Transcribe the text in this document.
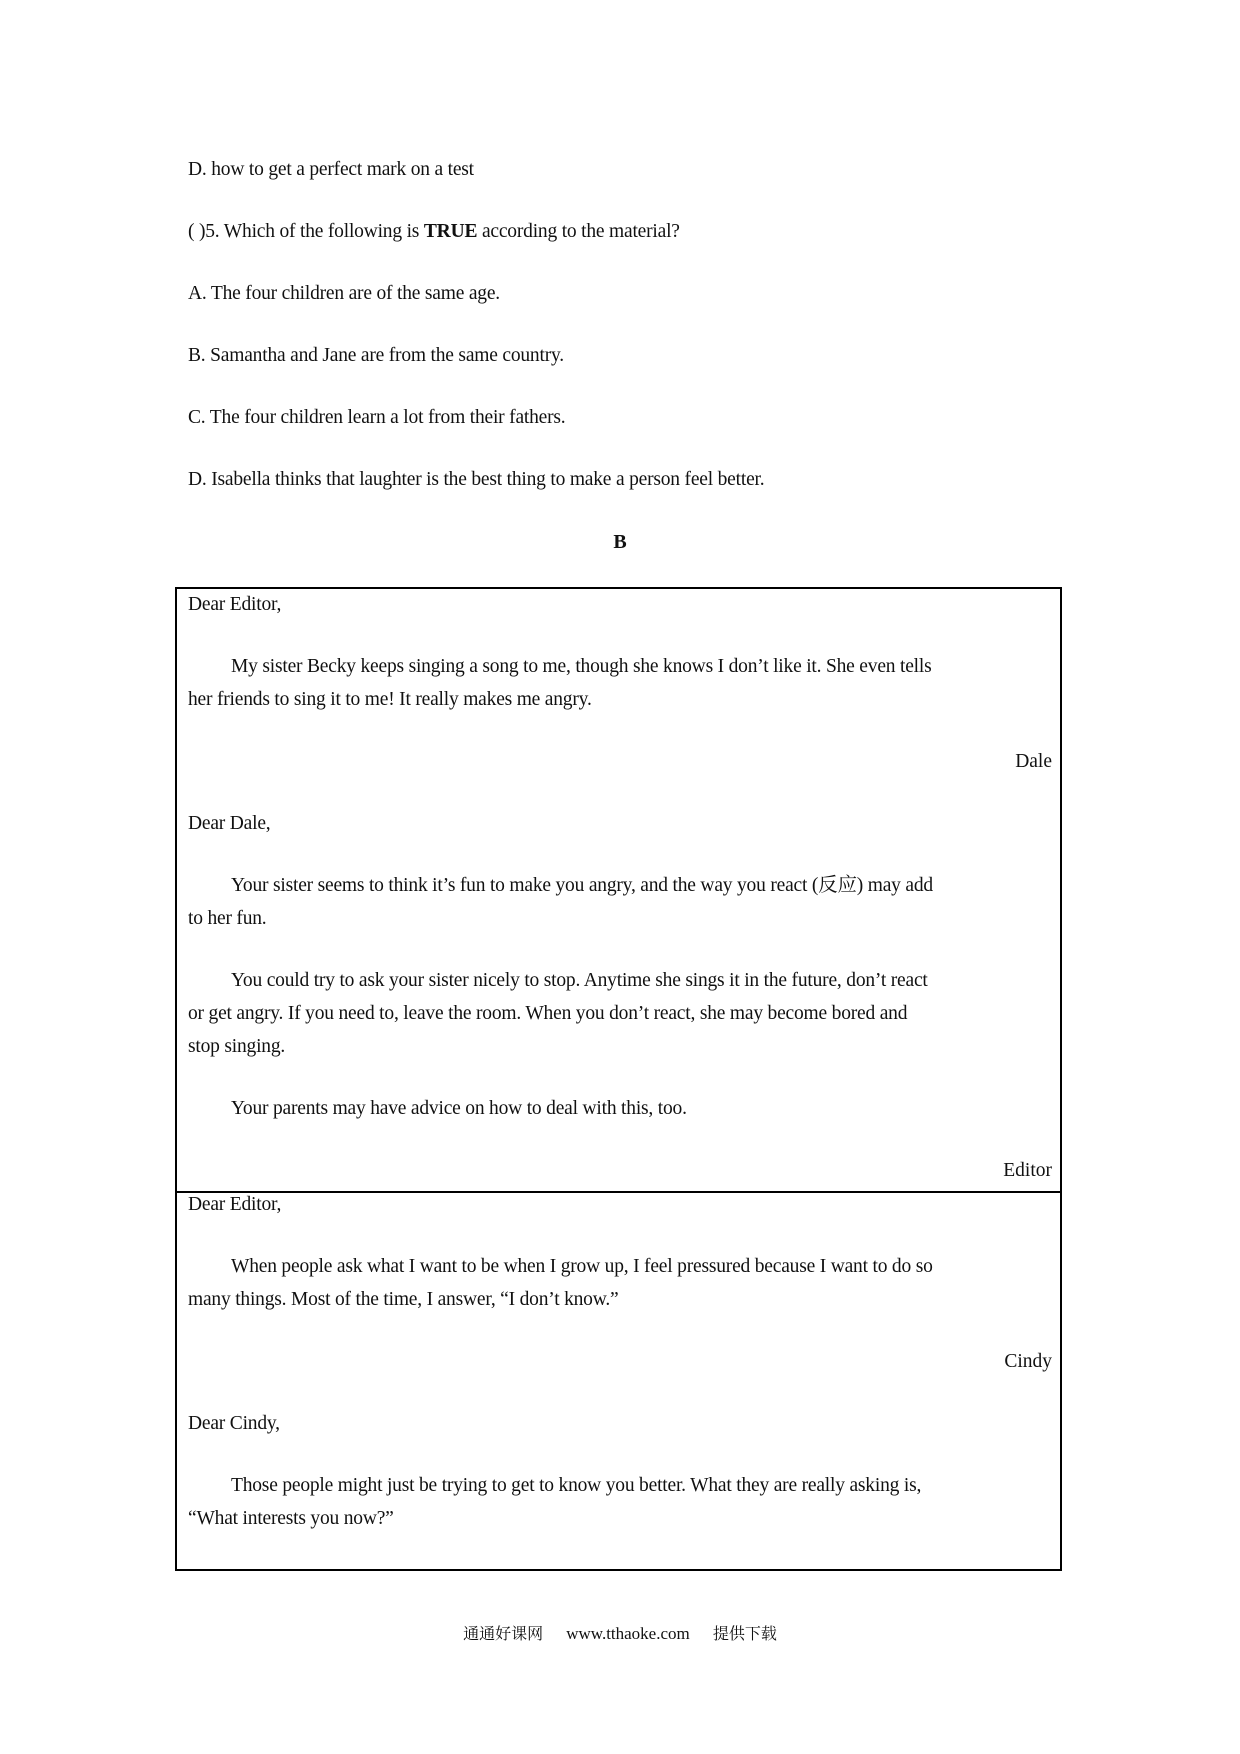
D. how to get a perfect mark on a test
( )5. Which of the following is TRUE according to the material?
A. The four children are of the same age.
B. Samantha and Jane are from the same country.
C. The four children learn a lot from their fathers.
D. Isabella thinks that laughter is the best thing to make a person feel better.
B
Dear Editor,
My sister Becky keeps singing a song to me, though she knows I don’t like it. She even tells
her friends to sing it to me! It really makes me angry.
Dale
Dear Dale,
Your sister seems to think it’s fun to make you angry, and the way you react (反应) may add
to her fun.
You could try to ask your sister nicely to stop. Anytime she sings it in the future, don’t react
or get angry. If you need to, leave the room. When you don’t react, she may become bored and
stop singing.
Your parents may have advice on how to deal with this, too.
Editor
Dear Editor,
When people ask what I want to be when I grow up, I feel pressured because I want to do so
many things. Most of the time, I answer, “I don’t know.”
Cindy
Dear Cindy,
Those people might just be trying to get to know you better. What they are really asking is,
“What interests you now?”
通通好课网 www.tthaoke.com 提供下载
